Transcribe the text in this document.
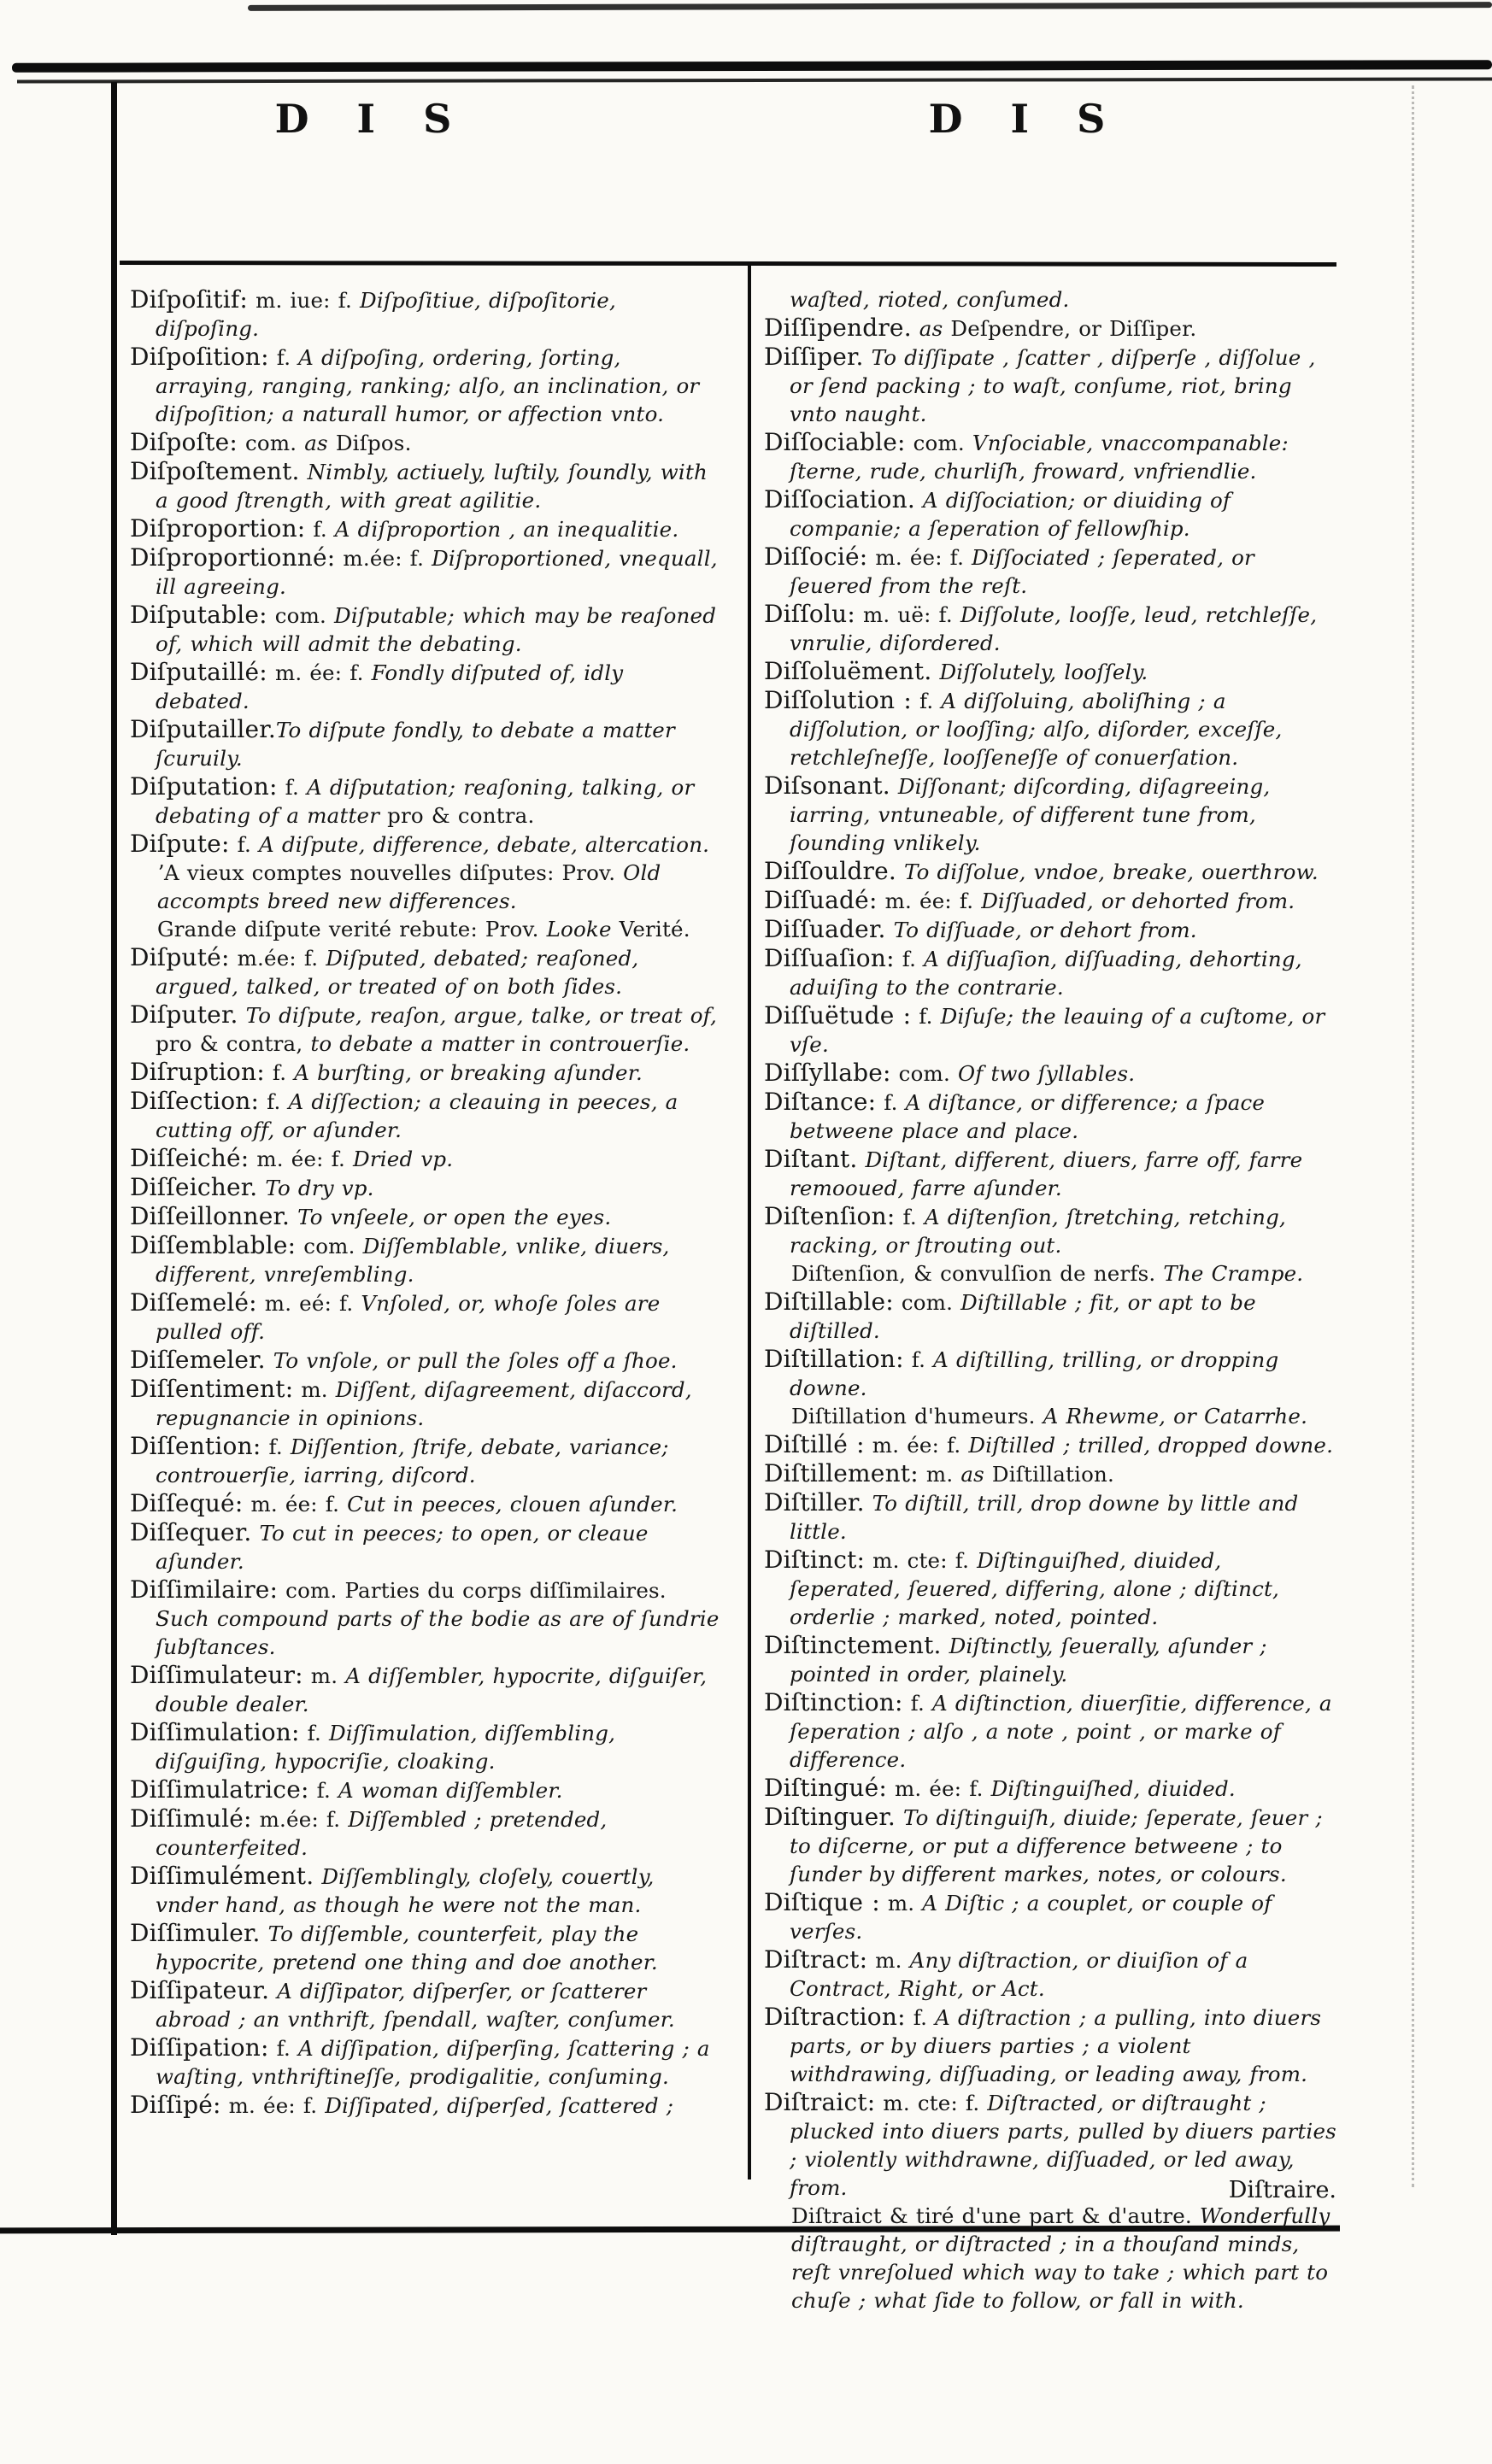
D I S	D I S

Diſpoſitif: m. iue: f. Diſpoſitiue, diſpoſitorie, diſpoſing.

Diſpoſition: f. A diſpoſing, ordering, ſorting, arraying, ranging, ranking; alſo, an inclination, or diſpoſition; a naturall humor, or affection vnto.

Diſpoſte: com. as Diſpos.

Diſpoſtement. Nimbly, actiuely, luſtily, ſoundly, with a good ſtrength, with great agilitie.

Diſproportion: f. A diſproportion , an inequalitie.

Diſproportionné: m.ée: f. Diſproportioned, vnequall, ill agreeing.

Diſputable: com. Diſputable; which may be reaſoned of, which will admit the debating.

Diſputaillé: m. ée: f. Fondly diſputed of, idly debated.

Diſputailler.To diſpute fondly, to debate a matter ſcuruily.

Diſputation: f. A diſputation; reaſoning, talking, or debating of a matter pro & contra.

Diſpute: f. A diſpute, difference, debate, altercation.

ʼA vieux comptes nouvelles diſputes: Prov. Old accompts breed new differences.

Grande diſpute verité rebute: Prov. Looke Verité.

Diſputé: m.ée: f. Diſputed, debated; reaſoned, argued, talked, or treated of on both ſides.

Diſputer. To diſpute, reaſon, argue, talke, or treat of, pro & contra, to debate a matter in controuerſie.

Diſruption: f. A burſting, or breaking aſunder.

Diſſection: f. A diſſection; a cleauing in peeces, a cutting off, or aſunder.

Diſſeiché: m. ée: f. Dried vp.

Diſſeicher. To dry vp.

Diſſeillonner. To vnſeele, or open the eyes.

Diſſemblable: com. Diſſemblable, vnlike, diuers, different, vnreſembling.

Diſſemelé: m. eé: f. Vnſoled, or, whoſe ſoles are pulled off.

Diſſemeler. To vnſole, or pull the ſoles off a ſhoe.

Diſſentiment: m. Diſſent, diſagreement, diſaccord, repugnancie in opinions.

Diſſention: f. Diſſention, ſtrife, debate, variance; controuerſie, iarring, diſcord.

Diſſequé: m. ée: f. Cut in peeces, clouen aſunder.

Diſſequer. To cut in peeces; to open, or cleaue aſunder.

Diſſimilaire: com. Parties du corps diſſimilaires. Such compound parts of the bodie as are of ſundrie ſubſtances.

Diſſimulateur: m. A diſſembler, hypocrite, diſguiſer, double dealer.

Diſſimulation: f. Diſſimulation, diſſembling, diſguiſing, hypocriſie, cloaking.

Diſſimulatrice: f. A woman diſſembler.

Diſſimulé: m.ée: f. Diſſembled ; pretended, counterfeited.

Diſſimulément. Diſſemblingly, cloſely, couertly, vnder hand, as though he were not the man.

Diſſimuler. To diſſemble, counterfeit, play the hypocrite, pretend one thing and doe another.

Diſſipateur. A diſſipator, diſperſer, or ſcatterer abroad ; an vnthrift, ſpendall, waſter, conſumer.

Diſſipation: f. A diſſipation, diſperſing, ſcattering ; a waſting, vnthriftineſſe, prodigalitie, conſuming.

Diſſipé: m. ée: f. Diſſipated, diſperſed, ſcattered ;

waſted, rioted, conſumed.

Diſſipendre. as Deſpendre, or Diſſiper.

Diſſiper. To diſſipate , ſcatter , diſperſe , diſſolue , or ſend packing ; to waſt, conſume, riot, bring vnto naught.

Diſſociable: com. Vnſociable, vnaccompanable: ſterne, rude, churliſh, froward, vnfriendlie.

Diſſociation. A diſſociation; or diuiding of companie; a ſeperation of fellowſhip.

Diſſocié: m. ée: f. Diſſociated ; ſeperated, or ſeuered from the reſt.

Diſſolu: m. uë: f. Diſſolute, looſſe, leud, retchleſſe, vnrulie, diſordered.

Diſſoluëment. Diſſolutely, looſſely.

Diſſolution : f. A diſſoluing, aboliſhing ; a diſſolution, or looſſing; alſo, diſorder, exceſſe, retchleſneſſe, looſſeneſſe of conuerſation.

Diſsonant. Diſſonant; diſcording, diſagreeing, iarring, vntuneable, of different tune from, ſounding vnlikely.

Diſſouldre. To diſſolue, vndoe, breake, ouerthrow.

Diſſuadé: m. ée: f. Diſſuaded, or dehorted from.

Diſſuader. To diſſuade, or dehort from.

Diſſuaſion: f. A diſſuaſion, diſſuading, dehorting, aduiſing to the contrarie.

Diſſuëtude : f. Diſuſe; the leauing of a cuſtome, or vſe.

Diſſyllabe: com. Of two ſyllables.

Diſtance: f. A diſtance, or difference; a ſpace betweene place and place.

Diſtant. Diſtant, different, diuers, farre off, farre remooued, farre aſunder.

Diſtenſion: f. A diſtenſion, ſtretching, retching, racking, or ſtrouting out.

Diſtenſion, & convulſion de nerfs. The Crampe.

Diſtillable: com. Diſtillable ; fit, or apt to be diſtilled.

Diſtillation: f. A diſtilling, trilling, or dropping downe.

Diſtillation d'humeurs. A Rhewme, or Catarrhe.

Diſtillé : m. ée: f. Diſtilled ; trilled, dropped downe.

Diſtillement: m. as Diſtillation.

Diſtiller. To diſtill, trill, drop downe by little and little.

Diſtinct: m. cte: f. Diſtinguiſhed, diuided, ſeperated, ſeuered, differing, alone ; diſtinct, orderlie ; marked, noted, pointed.

Diſtinctement. Diſtinctly, ſeuerally, aſunder ; pointed in order, plainely.

Diſtinction: f. A diſtinction, diuerſitie, difference, a ſeperation ; alſo , a note , point , or marke of difference.

Diſtingué: m. ée: f. Diſtinguiſhed, diuided.

Diſtinguer. To diſtinguiſh, diuide; ſeperate, ſeuer ; to diſcerne, or put a difference betweene ; to ſunder by different markes, notes, or colours.

Diſtique : m. A Diſtic ; a couplet, or couple of verſes.

Diſtract: m. Any diſtraction, or diuiſion of a Contract, Right, or Act.

Diſtraction: f. A diſtraction ; a pulling, into diuers parts, or by diuers parties ; a violent withdrawing, diſſuading, or leading away, from.

Diſtraict: m. cte: f. Diſtracted, or diſtraught ; plucked into diuers parts, pulled by diuers parties ; violently withdrawne, diſſuaded, or led away, from.

Diſtraict & tiré d'une part & d'autre. Wonderfully diſtraught, or diſtracted ; in a thouſand minds, reſt vnreſolued which way to take ; which part to chuſe ; what ſide to follow, or fall in with.

Diſtraire.
